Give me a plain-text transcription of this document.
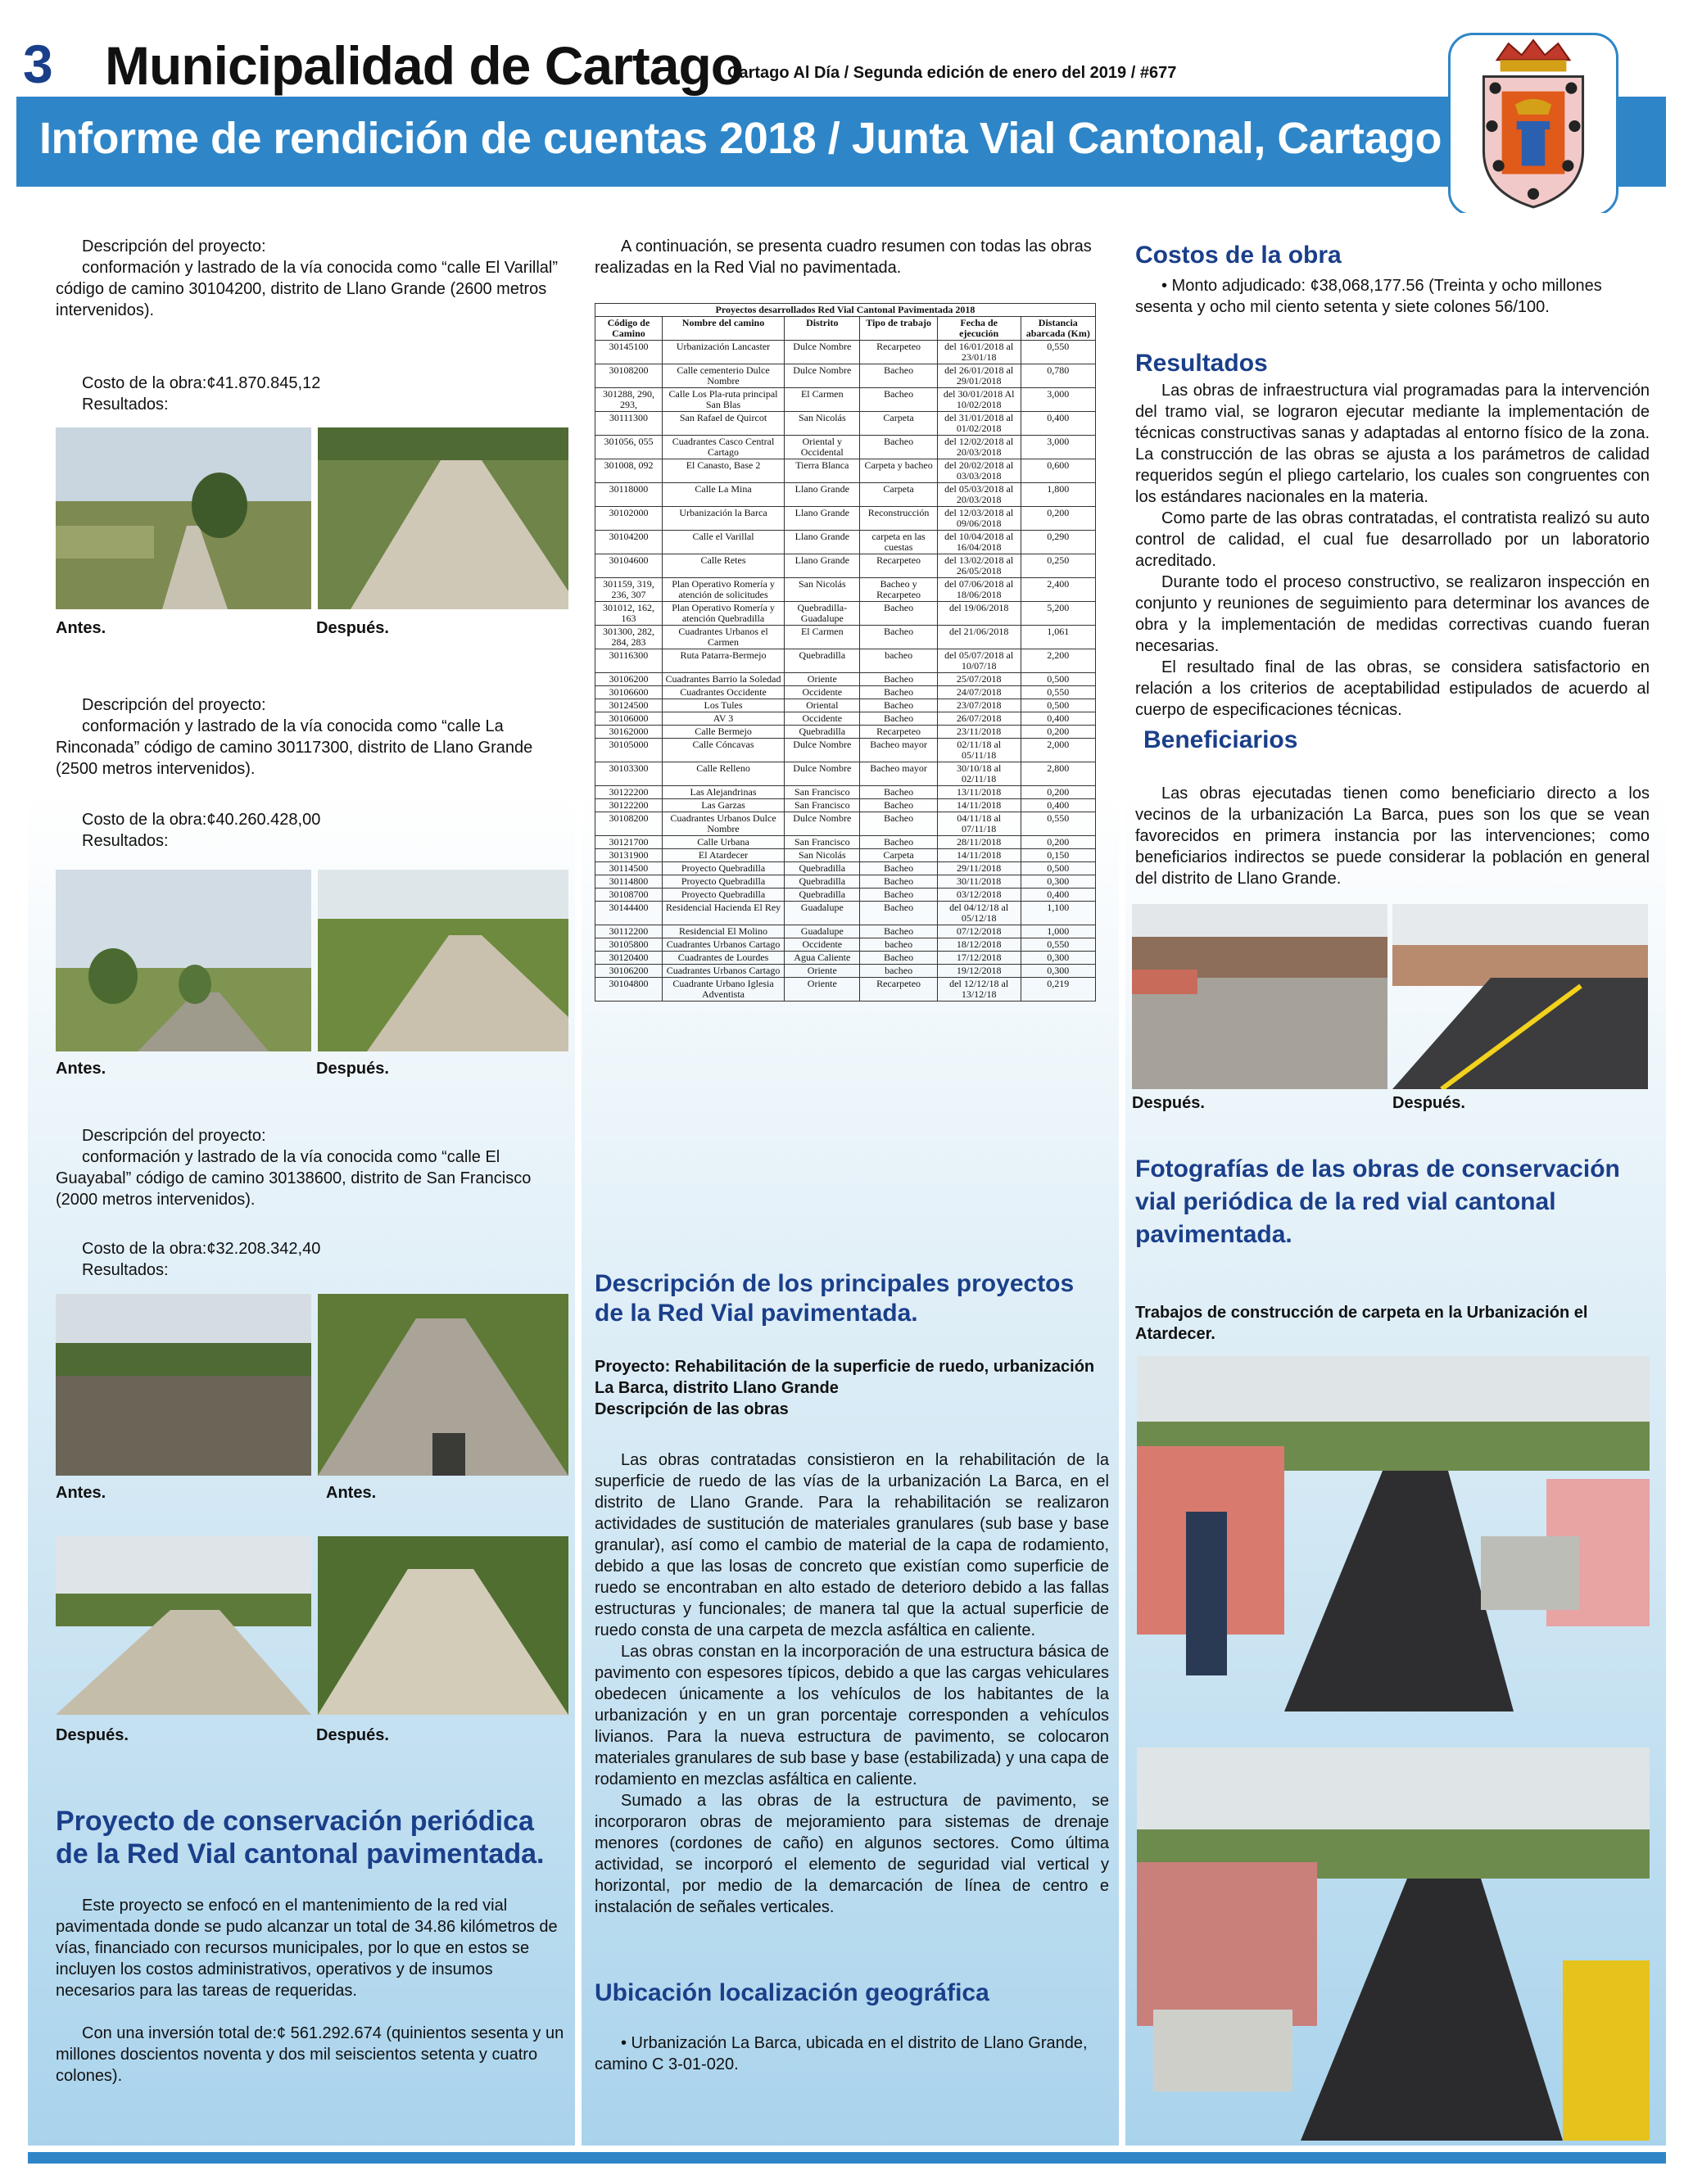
3 Municipalidad de Cartago
Cartago Al Día / Segunda edición de enero del 2019 / #677
Informe de rendición de cuentas 2018 / Junta Vial Cantonal, Cartago

Descripción del proyecto:

conformación y lastrado de la vía conocida como “calle El Varillal” código de camino 30104200, distrito de Llano Grande (2600 metros intervenidos).

Costo de la obra:¢41.870.845,12

Resultados:

Antes.	Después.

Descripción del proyecto:

conformación y lastrado de la vía conocida como “calle La Rinconada” código de camino 30117300, distrito de Llano Grande (2500 metros intervenidos).

Costo de la obra:¢40.260.428,00

Resultados:

Antes.	Después.

Descripción del proyecto:

conformación y lastrado de la vía conocida como “calle El Guayabal” código de camino 30138600, distrito de San Francisco (2000 metros intervenidos).

Costo de la obra:¢32.208.342,40

Resultados:

Antes.	Antes.
Después.	Después.
Proyecto de conservación periódica de la Red Vial cantonal pavimentada.

Este proyecto se enfocó en el mantenimiento de la red vial pavimentada donde se pudo alcanzar un total de 34.86 kilómetros de vías, financiado con recursos municipales, por lo que en estos se incluyen los costos administrativos, operativos y de insumos necesarios para las tareas de requeridas.

Con una inversión total de:¢ 561.292.674 (quinientos sesenta y un millones doscientos noventa y dos mil seiscientos setenta y cuatro colones).

A continuación, se presenta cuadro resumen con todas las obras realizadas en la Red Vial no pavimentada.

Proyectos desarrollados Red Vial Cantonal Pavimentada 2018					
Código de Camino	Nombre del camino	Distrito	Tipo de trabajo	Fecha de ejecución	Distancia abarcada (Km)
30145100	Urbanización Lancaster	Dulce Nombre	Recarpeteo	del 16/01/2018 al 23/01/18	0,550
30108200	Calle cementerio Dulce Nombre	Dulce Nombre	Bacheo	del 26/01/2018 al 29/01/2018	0,780
301288, 290, 293,	Calle Los Pla-ruta principal San Blas	El Carmen	Bacheo	del 30/01/2018 Al 10/02/2018	3,000
30111300	San Rafael de Quircot	San Nicolás	Carpeta	del 31/01/2018 al 01/02/2018	0,400
301056, 055	Cuadrantes Casco Central Cartago	Oriental y Occidental	Bacheo	del 12/02/2018 al 20/03/2018	3,000
301008, 092	El Canasto, Base 2	Tierra Blanca	Carpeta y bacheo	del 20/02/2018 al 03/03/2018	0,600
30118000	Calle La Mina	Llano Grande	Carpeta	del 05/03/2018 al 20/03/2018	1,800
30102000	Urbanización la Barca	Llano Grande	Reconstrucción	del 12/03/2018 al 09/06/2018	0,200
30104200	Calle el Varillal	Llano Grande	carpeta en las cuestas	del 10/04/2018 al 16/04/2018	0,290
30104600	Calle Retes	Llano Grande	Recarpeteo	del 13/02/2018 al 26/05/2018	0,250
301159, 319, 236, 307	Plan Operativo Romería y atención de solicitudes	San Nicolás	Bacheo y Recarpeteo	del 07/06/2018 al 18/06/2018	2,400
301012, 162, 163	Plan Operativo Romería y atención Quebradilla	Quebradilla- Guadalupe	Bacheo	del 19/06/2018	5,200
301300, 282, 284, 283	Cuadrantes Urbanos el Carmen	El Carmen	Bacheo	del 21/06/2018	1,061
30116300	Ruta Patarra-Bermejo	Quebradilla	bacheo	del 05/07/2018 al 10/07/18	2,200
30106200	Cuadrantes Barrio la Soledad	Oriente	Bacheo	25/07/2018	0,500
30106600	Cuadrantes Occidente	Occidente	Bacheo	24/07/2018	0,550
30124500	Los Tules	Oriental	Bacheo	23/07/2018	0,500
30106000	AV 3	Occidente	Bacheo	26/07/2018	0,400
30162000	Calle Bermejo	Quebradilla	Recarpeteo	23/11/2018	0,200
30105000	Calle Cóncavas	Dulce Nombre	Bacheo mayor	02/11/18 al 05/11/18	2,000
30103300	Calle Relleno	Dulce Nombre	Bacheo mayor	30/10/18 al 02/11/18	2,800
30122200	Las Alejandrinas	San Francisco	Bacheo	13/11/2018	0,200
30122200	Las Garzas	San Francisco	Bacheo	14/11/2018	0,400
30108200	Cuadrantes Urbanos Dulce Nombre	Dulce Nombre	Bacheo	04/11/18 al 07/11/18	0,550
30121700	Calle Urbana	San Francisco	Bacheo	28/11/2018	0,200
30131900	El Atardecer	San Nicolás	Carpeta	14/11/2018	0,150
30114500	Proyecto Quebradilla	Quebradilla	Bacheo	29/11/2018	0,500
30114800	Proyecto Quebradilla	Quebradilla	Bacheo	30/11/2018	0,300
30108700	Proyecto Quebradilla	Quebradilla	Bacheo	03/12/2018	0,400
30144400	Residencial Hacienda El Rey	Guadalupe	Bacheo	del 04/12/18 al 05/12/18	1,100
30112200	Residencial El Molino	Guadalupe	Bacheo	07/12/2018	1,000
30105800	Cuadrantes Urbanos Cartago	Occidente	bacheo	18/12/2018	0,550
30120400	Cuadrantes de Lourdes	Agua Caliente	Bacheo	17/12/2018	0,300
30106200	Cuadrantes Urbanos Cartago	Oriente	bacheo	19/12/2018	0,300
30104800	Cuadrante Urbano Iglesia Adventista	Oriente	Recarpeteo	del 12/12/18 al 13/12/18	0,219
Descripción de los principales proyectos de la Red Vial pavimentada.
Proyecto: Rehabilitación de la superficie de ruedo, urbanización La Barca, distrito Llano Grande
Descripción de las obras

Las obras contratadas consistieron en la rehabilitación de la superficie de ruedo de las vías de la urbanización La Barca, en el distrito de Llano Grande. Para la rehabilitación se realizaron actividades de sustitución de materiales granulares (sub base y base granular), así como el cambio de material de la capa de rodamiento, debido a que las losas de concreto que existían como superficie de ruedo se encontraban en alto estado de deterioro debido a las fallas estructuras y funcionales; de manera tal que la actual superficie de ruedo consta de una carpeta de mezcla asfáltica en caliente.

Las obras constan en la incorporación de una estructura básica de pavimento con espesores típicos, debido a que las cargas vehiculares obedecen únicamente a los vehículos de los habitantes de la urbanización y en un gran porcentaje corresponden a vehículos livianos. Para la nueva estructura de pavimento, se colocaron materiales granulares de sub base y base (estabilizada) y una capa de rodamiento en mezclas asfáltica en caliente.

Sumado a las obras de la estructura de pavimento, se incorporaron obras de mejoramiento para sistemas de drenaje menores (cordones de caño) en algunos sectores. Como última actividad, se incorporó el elemento de seguridad vial vertical y horizontal, por medio de la demarcación de línea de centro e instalación de señales verticales.

Ubicación localización geográfica

• Urbanización La Barca, ubicada en el distrito de Llano Grande, camino C 3-01-020.

Costos de la obra

• Monto adjudicado: ¢38,068,177.56 (Treinta y ocho millones sesenta y ocho mil ciento setenta y siete colones 56/100.

Resultados

Las obras de infraestructura vial programadas para la intervención del tramo vial, se lograron ejecutar mediante la implementación de técnicas constructivas sanas y adaptadas al entorno físico de la zona. La construcción de las obras se ajusta a los parámetros de calidad requeridos según el pliego cartelario, los cuales son congruentes con los estándares nacionales en la materia.

Como parte de las obras contratadas, el contratista realizó su auto control de calidad, el cual fue desarrollado por un laboratorio acreditado.

Durante todo el proceso constructivo, se realizaron inspección en conjunto y reuniones de seguimiento para determinar los avances de obra y la implementación de medidas correctivas cuando fueran necesarias.

El resultado final de las obras, se considera satisfactorio en relación a los criterios de aceptabilidad estipulados de acuerdo al cuerpo de especificaciones técnicas.

Beneficiarios

Las obras ejecutadas tienen como beneficiario directo a los vecinos de la urbanización La Barca, pues son los que se vean favorecidos en primera instancia por las intervenciones; como beneficiarios indirectos se puede considerar la población en general del distrito de Llano Grande.

Después.	Después.
Fotografías de las obras de conservación vial periódica de la red vial cantonal pavimentada.
Trabajos de construcción de carpeta en la Urbanización el Atardecer.
